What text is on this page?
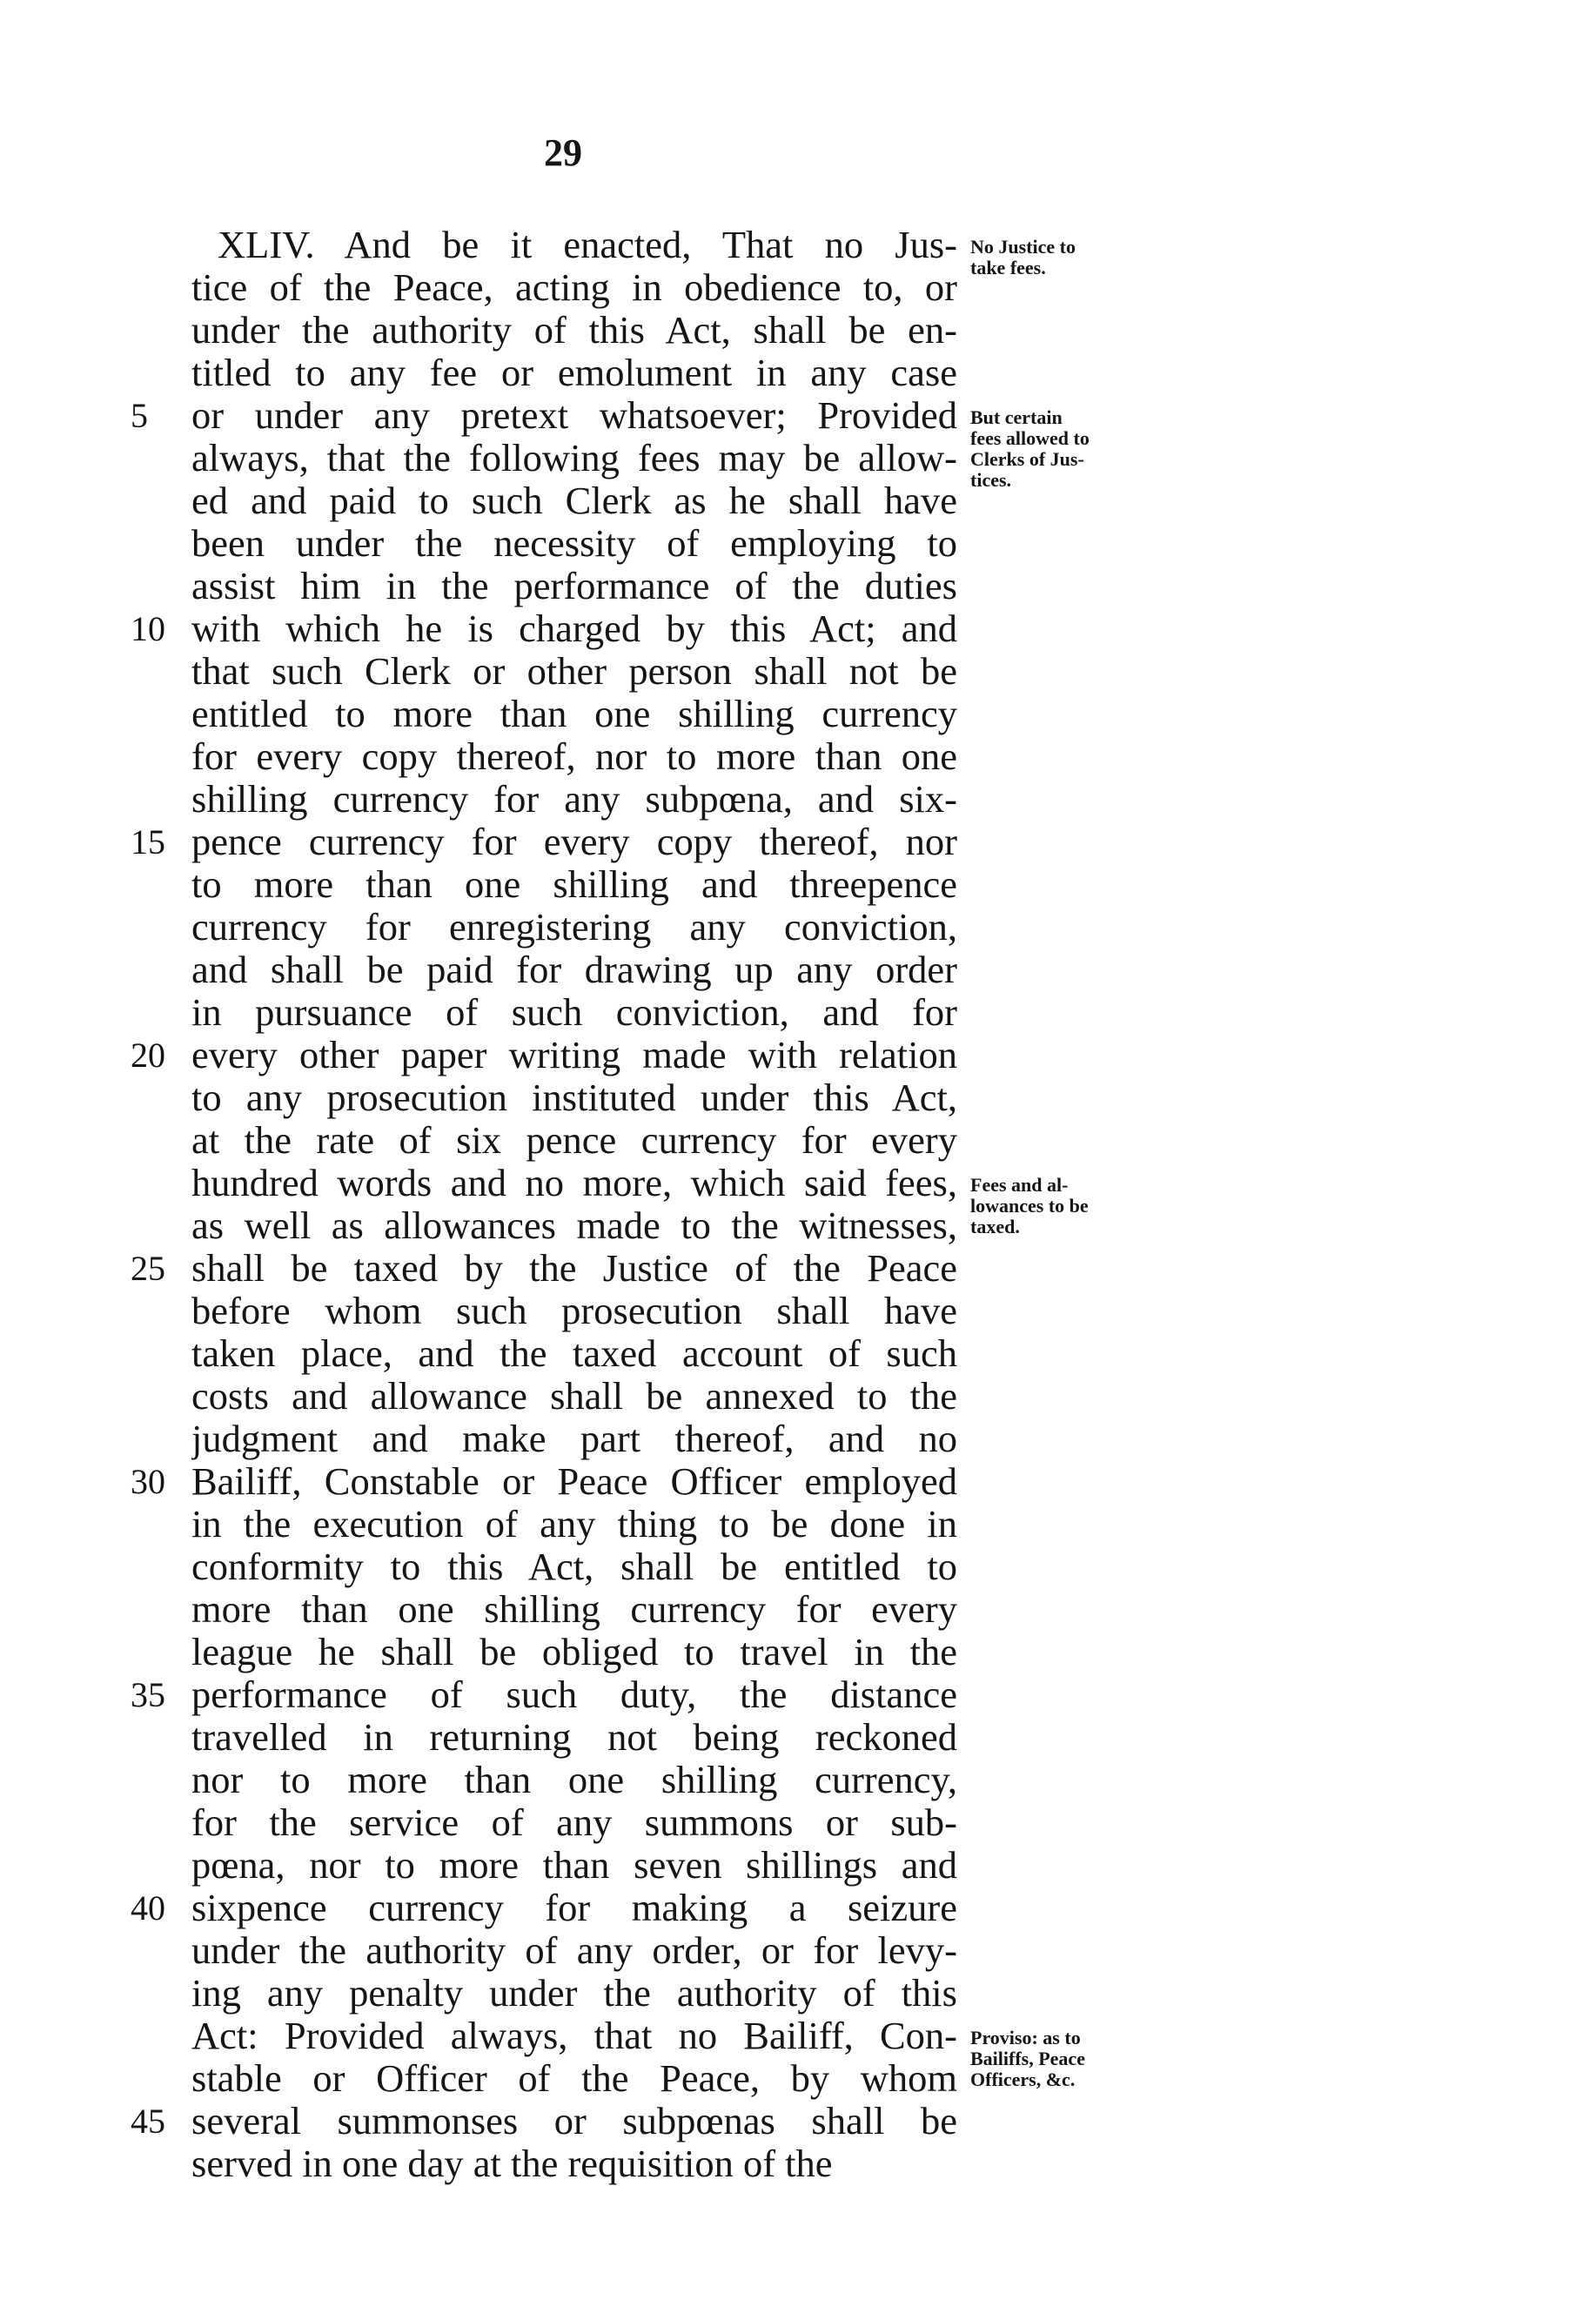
29
XLIV. And be it enacted, That no Jus-
tice of the Peace, acting in obedience to, or
under the authority of this Act, shall be en-
titled to any fee or emolument in any case
or under any pretext whatsoever; Provided
always, that the following fees may be allow-
ed and paid to such Clerk as he shall have
been under the necessity of employing to
assist him in the performance of the duties
with which he is charged by this Act; and
that such Clerk or other person shall not be
entitled to more than one shilling currency
for every copy thereof, nor to more than one
shilling currency for any subpœna, and six-
pence currency for every copy thereof, nor
to more than one shilling and threepence
currency for enregistering any conviction,
and shall be paid for drawing up any order
in pursuance of such conviction, and for
every other paper writing made with relation
to any prosecution instituted under this Act,
at the rate of six pence currency for every
hundred words and no more, which said fees,
as well as allowances made to the witnesses,
shall be taxed by the Justice of the Peace
before whom such prosecution shall have
taken place, and the taxed account of such
costs and allowance shall be annexed to the
judgment and make part thereof, and no
Bailiff, Constable or Peace Officer employed
in the execution of any thing to be done in
conformity to this Act, shall be entitled to
more than one shilling currency for every
league he shall be obliged to travel in the
performance of such duty, the distance
travelled in returning not being reckoned
nor to more than one shilling currency,
for the service of any summons or sub-
pœna, nor to more than seven shillings and
sixpence currency for making a seizure
under the authority of any order, or for levy-
ing any penalty under the authority of this
Act: Provided always, that no Bailiff, Con-
stable or Officer of the Peace, by whom
several summonses or subpœnas shall be
served in one day at the requisition of the
5
10
15
20
25
30
35
40
45
No Justice to
take fees.
But certain
fees allowed to
Clerks of Jus-
tices.
Fees and al-
lowances to be
taxed.
Proviso: as to
Bailiffs, Peace
Officers, &c.
